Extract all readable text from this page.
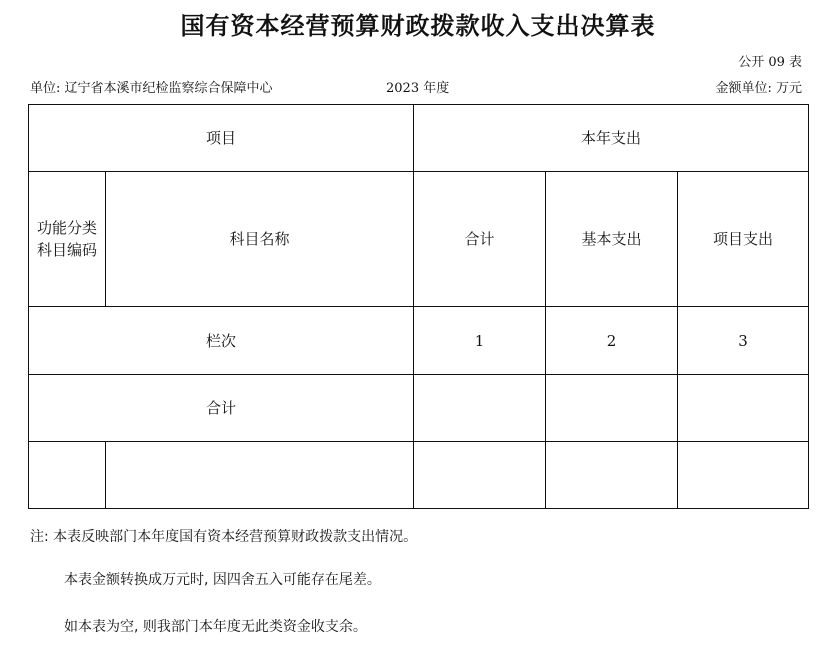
国有资本经营预算财政拨款收入支出决算表
公开 09 表
单位: 辽宁省本溪市纪检监察综合保障中心	2023 年度	金额单位: 万元
项目		本年支出		

功能分类
科目编码	科目名称	合计	基本支出	项目支出
栏次		1	2	3
合计				

注: 本表反映部门本年度国有资本经营预算财政拨款支出情况。
本表金额转换成万元时, 因四舍五入可能存在尾差。
如本表为空, 则我部门本年度无此类资金收支余。
